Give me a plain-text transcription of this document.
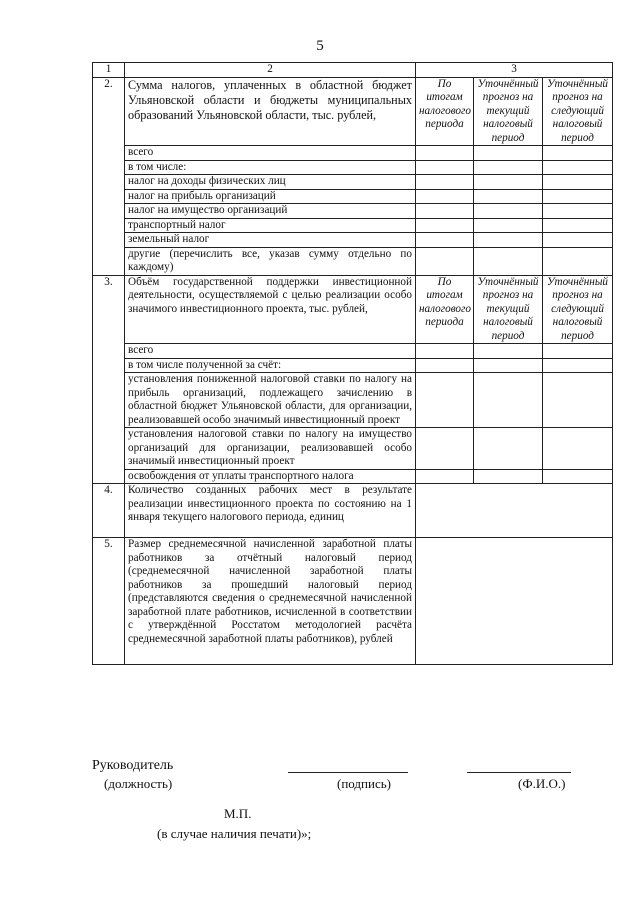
5
1	2	3		
2.	Сумма налогов, уплаченных в областной бюджет Ульяновской области и бюджеты муниципальных образований Ульяновской области, тыс. рублей,	По итогам налогового периода	Уточнённый прогноз на текущий налоговый период	Уточнённый прогноз на следующий налоговый период
	всего			
	в том числе:			
	налог на доходы физических лиц			
	налог на прибыль организаций			
	налог на имущество организаций			
	транспортный налог			
	земельный налог			
	другие (перечислить все, указав сумму отдельно по каждому)			
3.	Объём государственной поддержки инвестиционной деятельности, осуществляемой с целью реализации особо значимого инвестиционного проекта, тыс. рублей,	По итогам налогового периода	Уточнённый прогноз на текущий налоговый период	Уточнённый прогноз на следующий налоговый период
	всего			
	в том числе полученной за счёт:			
	установления пониженной налоговой ставки по налогу на прибыль организаций, подлежащего зачислению в областной бюджет Ульяновской области, для организации, реализовавшей особо значимый инвестиционный проект			
	установления налоговой ставки по налогу на имущество организаций для организации, реализовавшей особо значимый инвестиционный проект			
	освобождения от уплаты транспортного налога			
4.	Количество созданных рабочих мест в результате реализации инвестиционного проекта по состоянию на 1 января текущего налогового периода, единиц			
5.	Размер среднемесячной начисленной заработной платы работников за отчётный налоговый период (среднемесячной начисленной заработной платы работников за прошедший налоговый период (представляются сведения о среднемесячной начисленной заработной плате работников, исчисленной в соответствии с утверждённой Росстатом методологией расчёта среднемесячной заработной платы работников), рублей			
Руководитель
(должность)	(подпись)	(Ф.И.О.)
М.П.
(в случае наличия печати)»;
